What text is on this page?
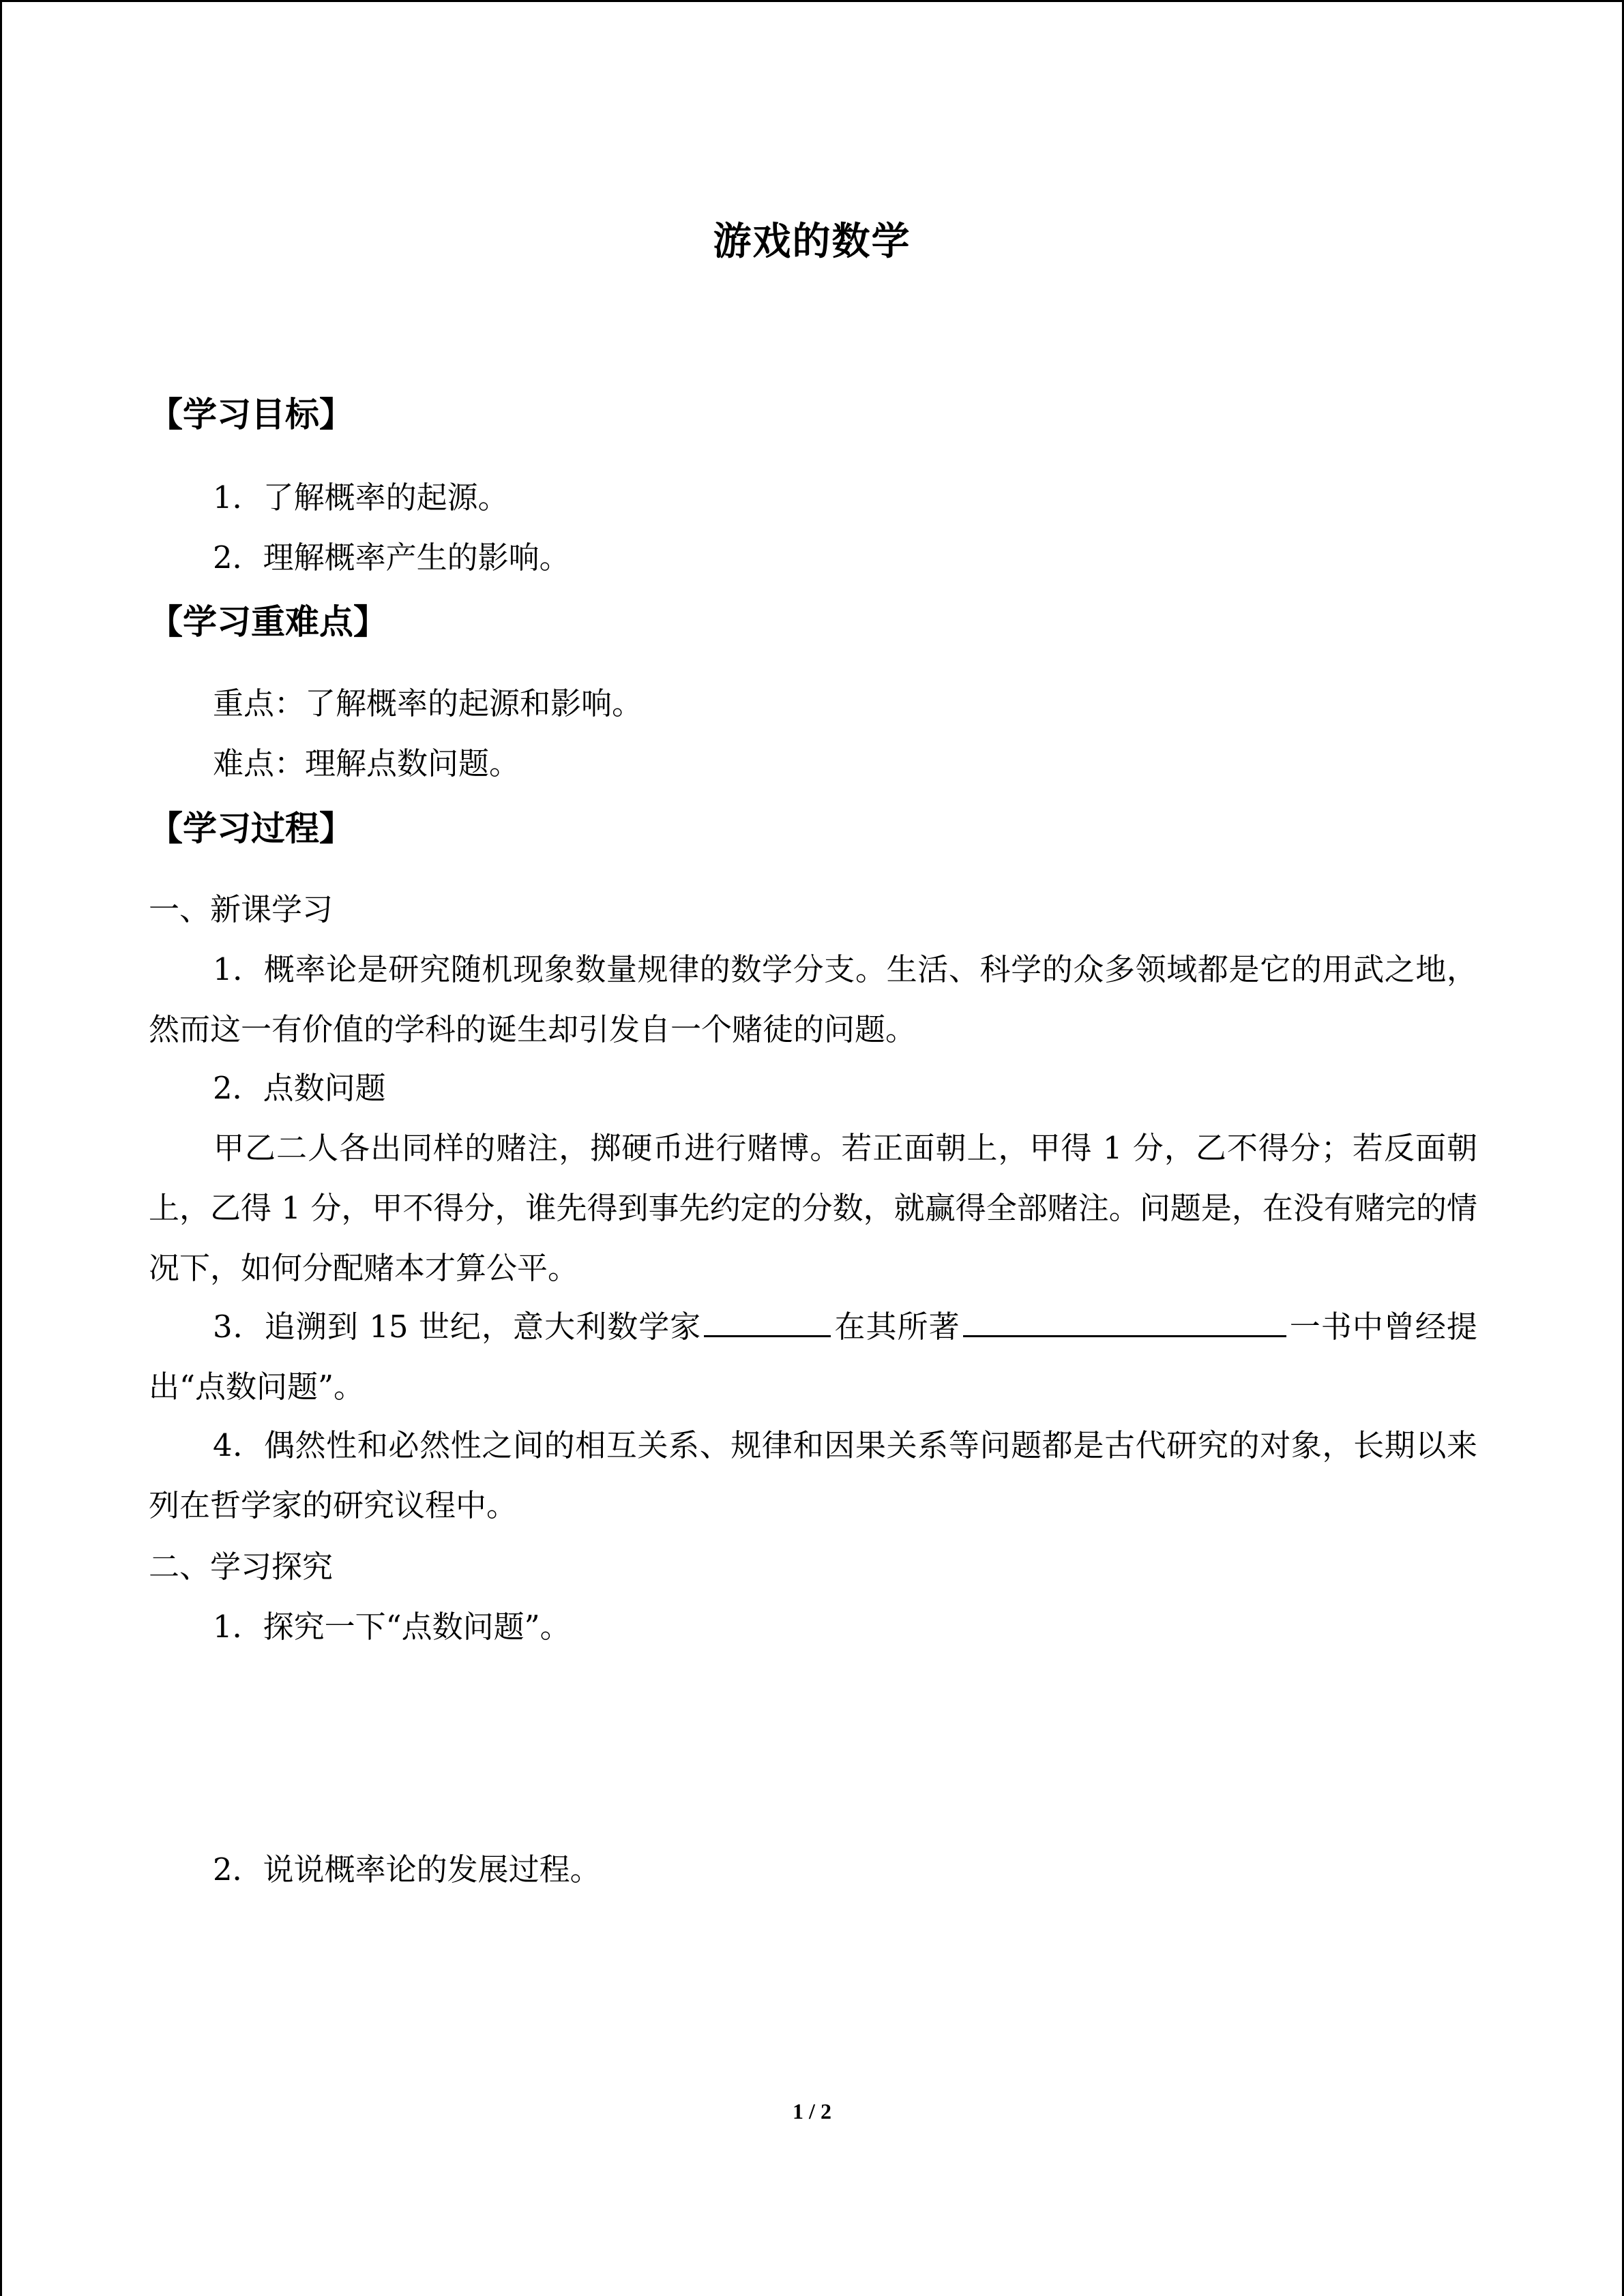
游戏的数学
【学习目标】
1．了解概率的起源。
2．理解概率产生的影响。
【学习重难点】
重点：了解概率的起源和影响。
难点：理解点数问题。
【学习过程】
一、新课学习
1．概率论是研究随机现象数量规律的数学分支。生活、科学的众多领域都是它的用武之地，然而这一有价值的学科的诞生却引发自一个赌徒的问题。
2．点数问题
甲乙二人各出同样的赌注，掷硬币进行赌博。若正面朝上，甲得 1 分，乙不得分；若反面朝上，乙得 1 分，甲不得分，谁先得到事先约定的分数，就赢得全部赌注。问题是，在没有赌完的情况下，如何分配赌本才算公平。
3．追溯到 15 世纪，意大利数学家	在其所著	一书中曾经提出“点数问题”。
4．偶然性和必然性之间的相互关系、规律和因果关系等问题都是古代研究的对象，长期以来列在哲学家的研究议程中。
二、学习探究
1．探究一下“点数问题”。
2．说说概率论的发展过程。
1 / 2
